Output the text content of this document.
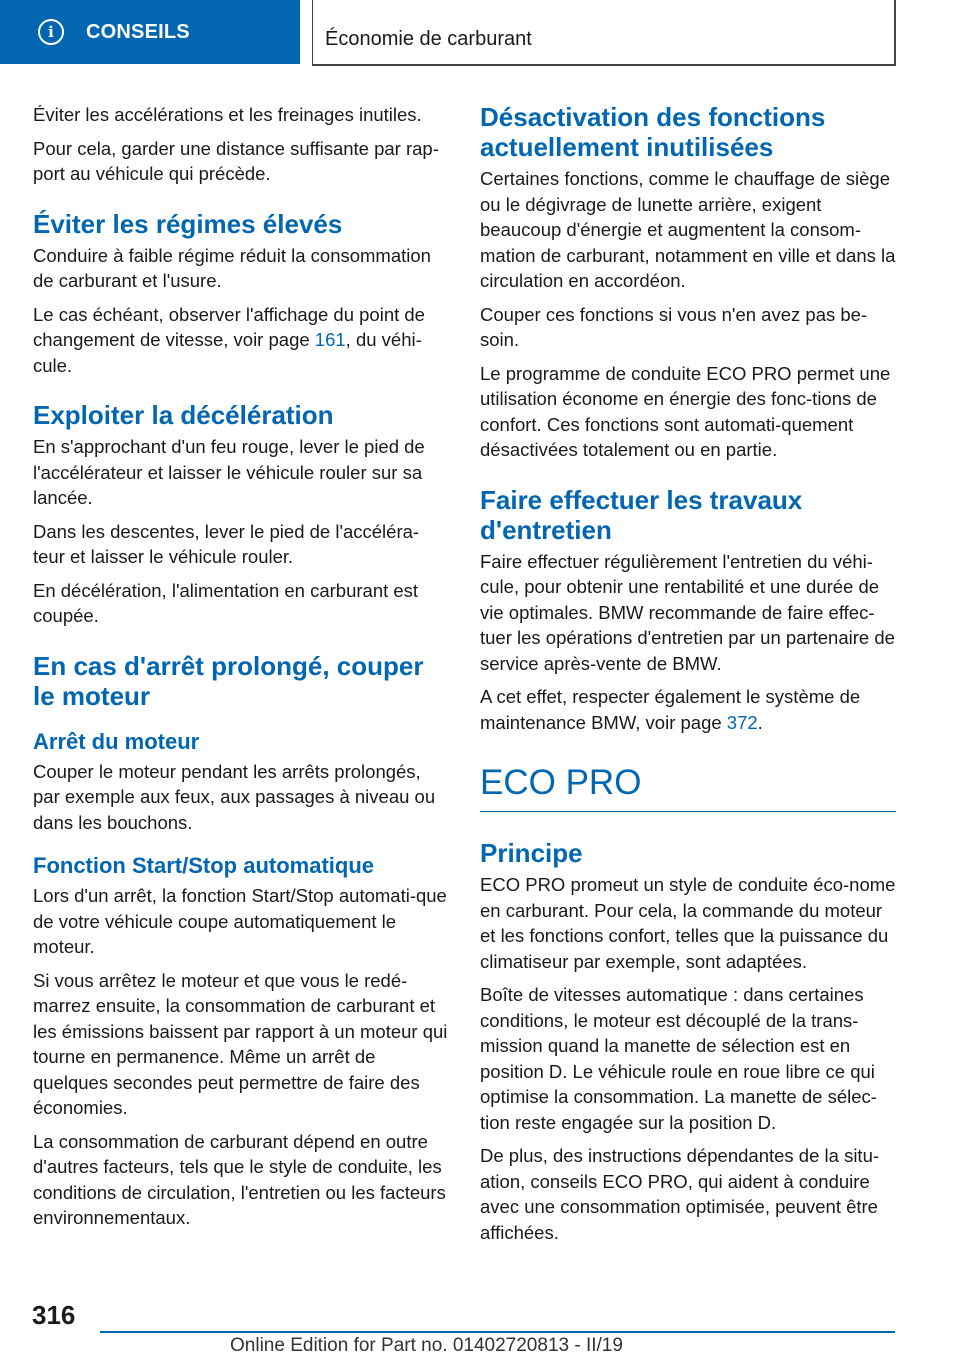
i	CONSEILS	Économie de carburant

Éviter les accélérations et les freinages inutiles.

Pour cela, garder une distance suffisante par rap‐port au véhicule qui précède.

Éviter les régimes élevés

Conduire à faible régime réduit la consommation de carburant et l'usure.

Le cas échéant, observer l'affichage du point de changement de vitesse, voir page 161, du véhi‐cule.

Exploiter la décélération

En s'approchant d'un feu rouge, lever le pied de l'accélérateur et laisser le véhicule rouler sur sa lancée.

Dans les descentes, lever le pied de l'accéléra‐teur et laisser le véhicule rouler.

En décélération, l'alimentation en carburant est coupée.

En cas d'arrêt prolongé, couper le moteur
Arrêt du moteur

Couper le moteur pendant les arrêts prolongés, par exemple aux feux, aux passages à niveau ou dans les bouchons.

Fonction Start/Stop automatique

Lors d'un arrêt, la fonction Start/Stop automati‐que de votre véhicule coupe automatiquement le moteur.

Si vous arrêtez le moteur et que vous le redé‐marrez ensuite, la consommation de carburant et les émissions baissent par rapport à un moteur qui tourne en permanence. Même un arrêt de quelques secondes peut permettre de faire des économies.

La consommation de carburant dépend en outre d'autres facteurs, tels que le style de conduite, les conditions de circulation, l'entretien ou les facteurs environnementaux.

Désactivation des fonctions actuellement inutilisées

Certaines fonctions, comme le chauffage de siège ou le dégivrage de lunette arrière, exigent beaucoup d'énergie et augmentent la consom‐mation de carburant, notamment en ville et dans la circulation en accordéon.

Couper ces fonctions si vous n'en avez pas be‐soin.

Le programme de conduite ECO PRO permet une utilisation économe en énergie des fonc‐tions de confort. Ces fonctions sont automati‐quement désactivées totalement ou en partie.

Faire effectuer les travaux d'entretien

Faire effectuer régulièrement l'entretien du véhi‐cule, pour obtenir une rentabilité et une durée de vie optimales. BMW recommande de faire effec‐tuer les opérations d'entretien par un partenaire de service après-vente de BMW.

A cet effet, respecter également le système de maintenance BMW, voir page 372.

ECO PRO
Principe

ECO PRO promeut un style de conduite éco‐nome en carburant. Pour cela, la commande du moteur et les fonctions confort, telles que la puissance du climatiseur par exemple, sont adaptées.

Boîte de vitesses automatique : dans certaines conditions, le moteur est découplé de la trans‐mission quand la manette de sélection est en position D. Le véhicule roule en roue libre ce qui optimise la consommation. La manette de sélec‐tion reste engagée sur la position D.

De plus, des instructions dépendantes de la situ‐ation, conseils ECO PRO, qui aident à conduire avec une consommation optimisée, peuvent être affichées.

316
Online Edition for Part no. 01402720813 - II/19
